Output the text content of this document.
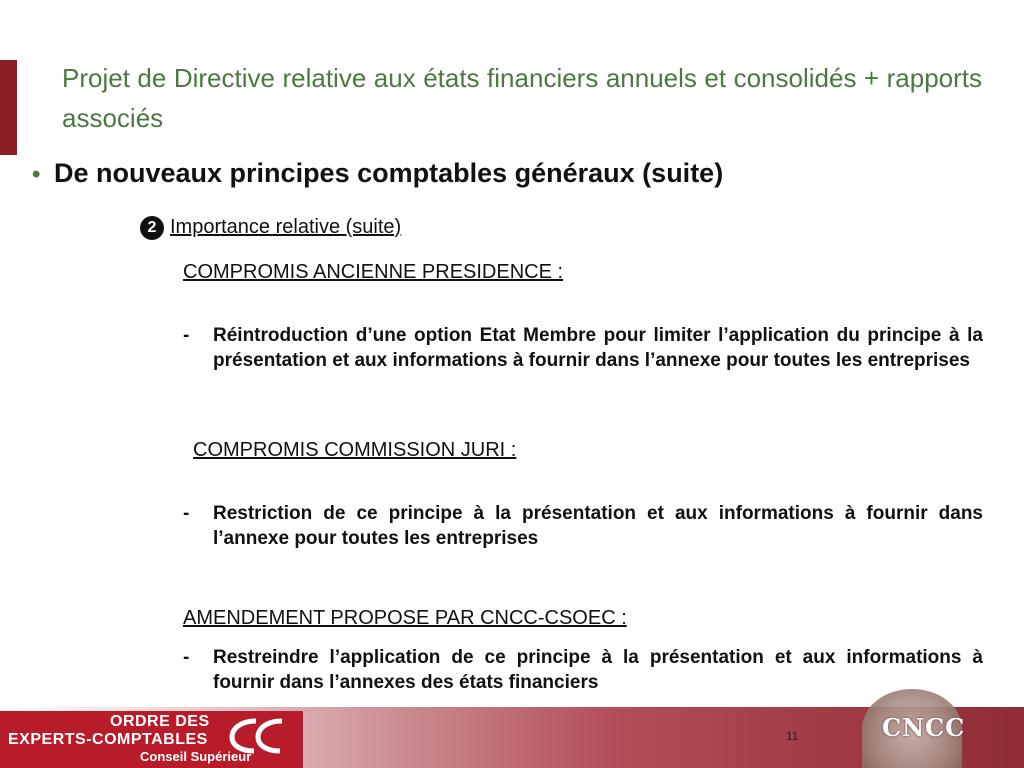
Projet de Directive relative aux états financiers annuels et consolidés + rapports associés
• De nouveaux principes comptables généraux (suite)
2 Importance relative (suite)
COMPROMIS ANCIENNE PRESIDENCE :
- Réintroduction d’une option Etat Membre pour limiter l’application du principe à la présentation et aux informations à fournir dans l’annexe pour toutes les entreprises
COMPROMIS COMMISSION JURI :
- Restriction de ce principe à la présentation et aux informations à fournir dans l’annexe pour toutes les entreprises
AMENDEMENT PROPOSE PAR CNCC-CSOEC :
- Restreindre l’application de ce principe à la présentation et aux informations à fournir dans l’annexes des états financiers
ORDRE DES
EXPERTS-COMPTABLES
Conseil Supérieur
11	CNCC
